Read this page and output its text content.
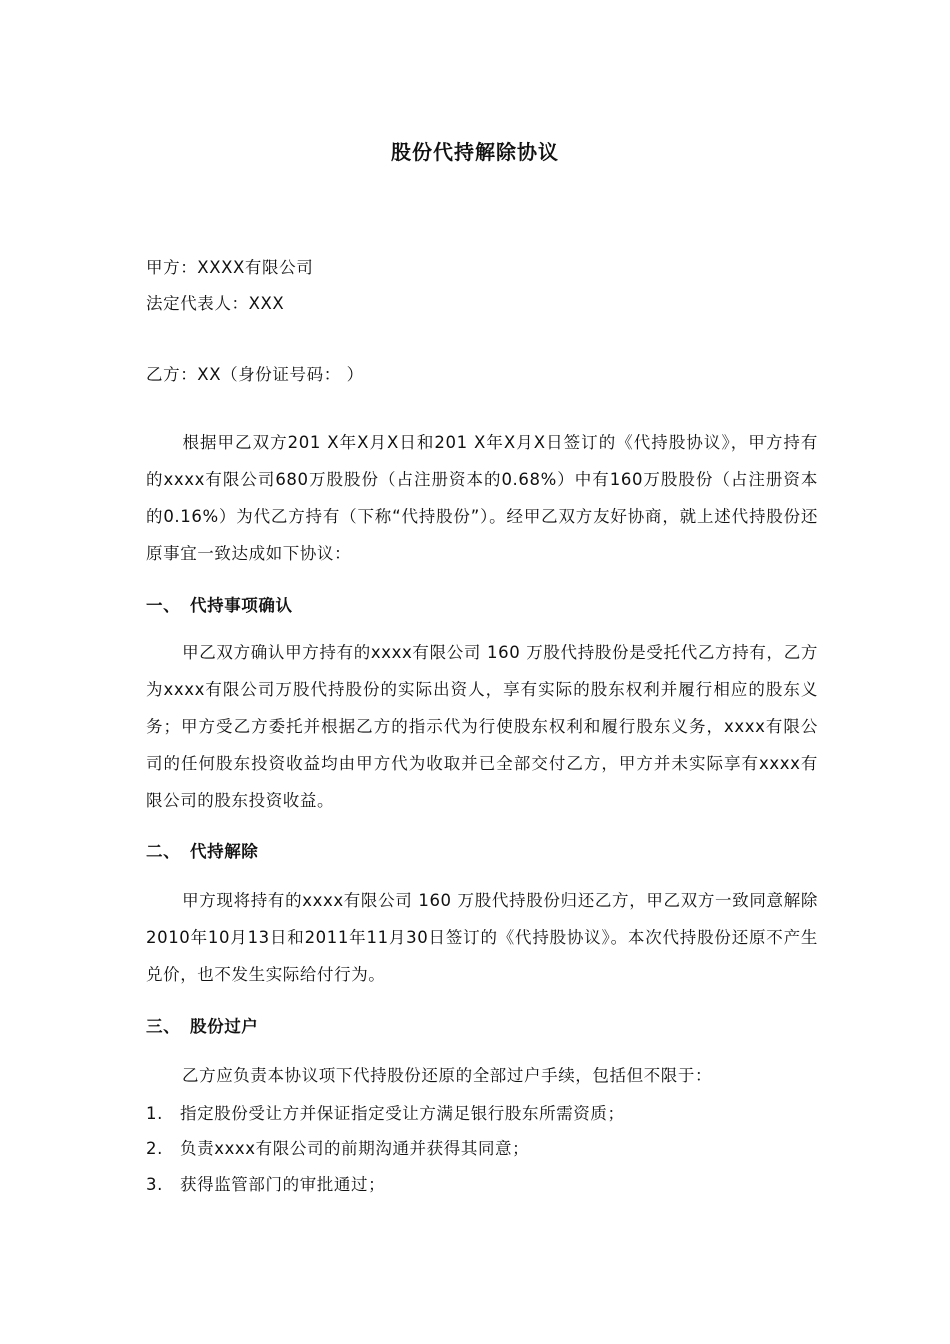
股份代持解除协议
甲方：XXXX有限公司
法定代表人：XXX
乙方：XX（身份证号码： ）
根据甲乙双方201 X年X月X日和201 X年X月X日签订的《代持股协议》，甲方持有的xxxx有限公司680万股股份（占注册资本的0.68%）中有160万股股份（占注册资本的0.16%）为代乙方持有（下称“代持股份”）。经甲乙双方友好协商，就上述代持股份还原事宜一致达成如下协议：
一、 代持事项确认
甲乙双方确认甲方持有的xxxx有限公司 160 万股代持股份是受托代乙方持有，乙方为xxxx有限公司万股代持股份的实际出资人，享有实际的股东权利并履行相应的股东义务；甲方受乙方委托并根据乙方的指示代为行使股东权利和履行股东义务，xxxx有限公司的任何股东投资收益均由甲方代为收取并已全部交付乙方，甲方并未实际享有xxxx有限公司的股东投资收益。
二、 代持解除
甲方现将持有的xxxx有限公司 160 万股代持股份归还乙方，甲乙双方一致同意解除2010年10月13日和2011年11月30日签订的《代持股协议》。本次代持股份还原不产生兑价，也不发生实际给付行为。
三、 股份过户
乙方应负责本协议项下代持股份还原的全部过户手续，包括但不限于：
1. 指定股份受让方并保证指定受让方满足银行股东所需资质；
2. 负责xxxx有限公司的前期沟通并获得其同意；
3. 获得监管部门的审批通过；
